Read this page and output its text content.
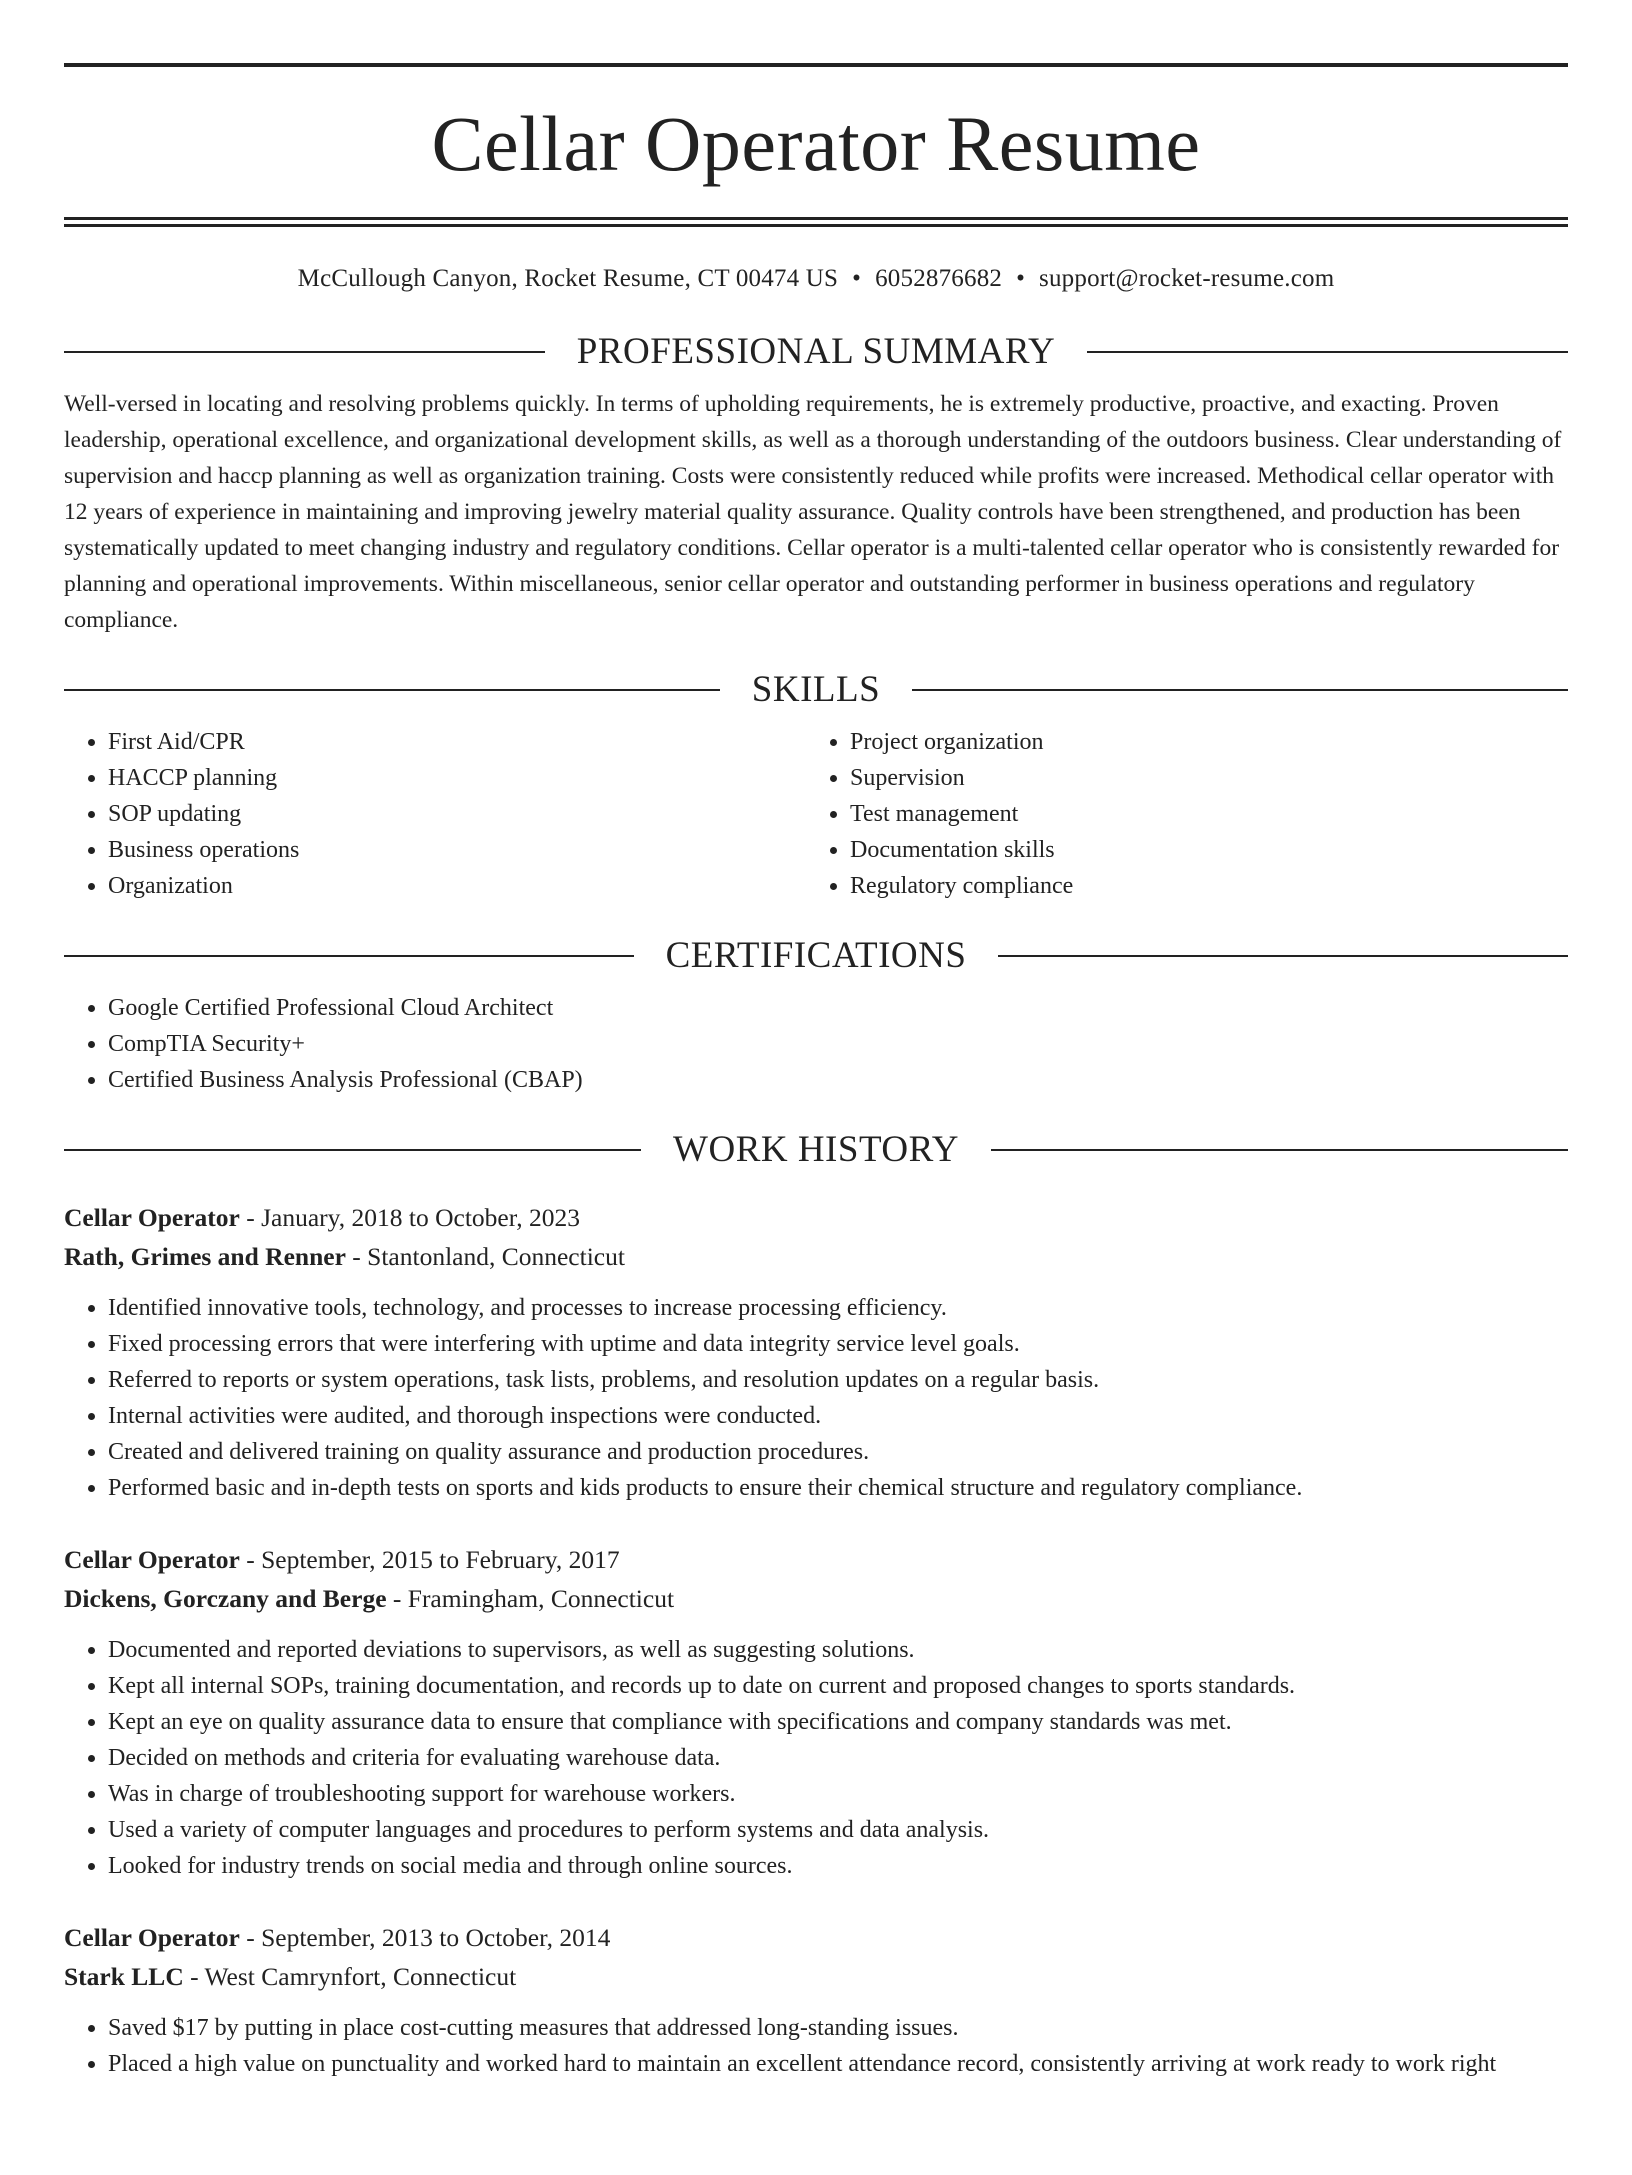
Cellar Operator Resume
McCullough Canyon, Rocket Resume, CT 00474 US • 6052876682 • support@rocket-resume.com
PROFESSIONAL SUMMARY

Well-versed in locating and resolving problems quickly. In terms of upholding requirements, he is extremely productive, proactive, and exacting. Proven leadership, operational excellence, and organizational development skills, as well as a thorough understanding of the outdoors business. Clear understanding of supervision and haccp planning as well as organization training. Costs were consistently reduced while profits were increased. Methodical cellar operator with 12 years of experience in maintaining and improving jewelry material quality assurance. Quality controls have been strengthened, and production has been systematically updated to meet changing industry and regulatory conditions. Cellar operator is a multi-talented cellar operator who is consistently rewarded for planning and operational improvements. Within miscellaneous, senior cellar operator and outstanding performer in business operations and regulatory compliance.

SKILLS
• First Aid/CPR
• HACCP planning
• SOP updating
• Business operations
• Organization
• Project organization
• Supervision
• Test management
• Documentation skills
• Regulatory compliance
CERTIFICATIONS
• Google Certified Professional Cloud Architect
• CompTIA Security+
• Certified Business Analysis Professional (CBAP)
WORK HISTORY
Cellar Operator - January, 2018 to October, 2023
Rath, Grimes and Renner - Stantonland, Connecticut
• Identified innovative tools, technology, and processes to increase processing efficiency.
• Fixed processing errors that were interfering with uptime and data integrity service level goals.
• Referred to reports or system operations, task lists, problems, and resolution updates on a regular basis.
• Internal activities were audited, and thorough inspections were conducted.
• Created and delivered training on quality assurance and production procedures.
• Performed basic and in-depth tests on sports and kids products to ensure their chemical structure and regulatory compliance.
Cellar Operator - September, 2015 to February, 2017
Dickens, Gorczany and Berge - Framingham, Connecticut
• Documented and reported deviations to supervisors, as well as suggesting solutions.
• Kept all internal SOPs, training documentation, and records up to date on current and proposed changes to sports standards.
• Kept an eye on quality assurance data to ensure that compliance with specifications and company standards was met.
• Decided on methods and criteria for evaluating warehouse data.
• Was in charge of troubleshooting support for warehouse workers.
• Used a variety of computer languages and procedures to perform systems and data analysis.
• Looked for industry trends on social media and through online sources.
Cellar Operator - September, 2013 to October, 2014
Stark LLC - West Camrynfort, Connecticut
• Saved $17 by putting in place cost-cutting measures that addressed long-standing issues.
• Placed a high value on punctuality and worked hard to maintain an excellent attendance record, consistently arriving at work ready to work right
